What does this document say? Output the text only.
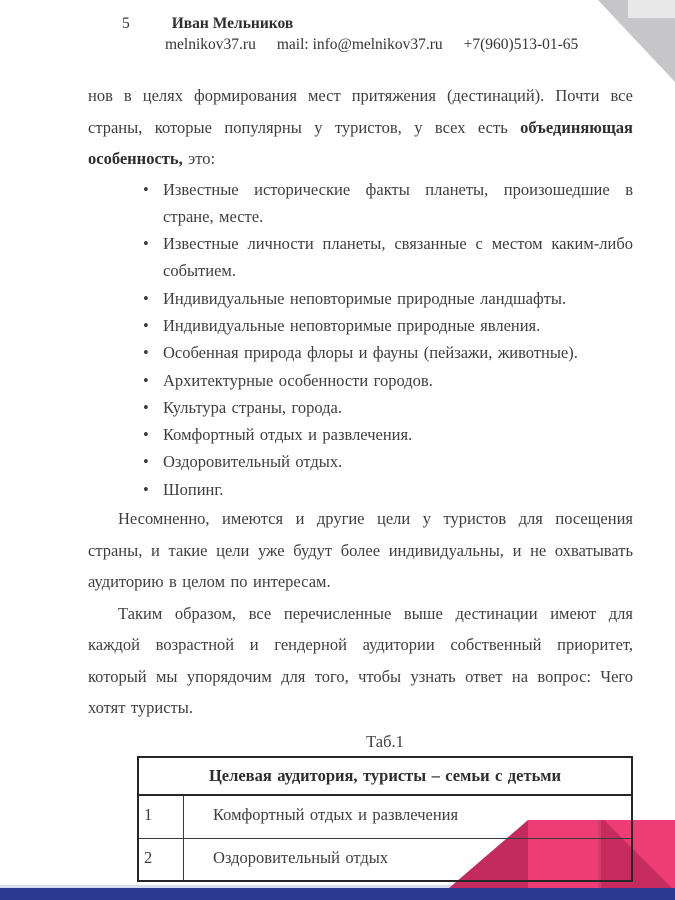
5	Иван Мельников
melnikov37.ru mail: info@melnikov37.ru +7(960)513-01-65

нов в целях формирования мест притяжения (дестинаций). Почти все страны, которые популярны у туристов, у всех есть объединяющая особенность, это:

• Известные исторические факты планеты, произошедшие в стране, месте.
• Известные личности планеты, связанные с местом каким-либо событием.
• Индивидуальные неповторимые природные ландшафты.
• Индивидуальные неповторимые природные явления.
• Особенная природа флоры и фауны (пейзажи, животные).
• Архитектурные особенности городов.
• Культура страны, города.
• Комфортный отдых и развлечения.
• Оздоровительный отдых.
• Шопинг.

Несомненно, имеются и другие цели у туристов для посещения страны, и такие цели уже будут более индивидуальны, и не охватывать аудиторию в целом по интересам.

Таким образом, все перечисленные выше дестинации имеют для каждой возрастной и гендерной аудитории собственный приоритет, который мы упорядочим для того, чтобы узнать ответ на вопрос: Чего хотят туристы.

Таб.1
Целевая аудитория, туристы – семьи с детьми	
1	Комфортный отдых и развлечения
2	Оздоровительный отдых
